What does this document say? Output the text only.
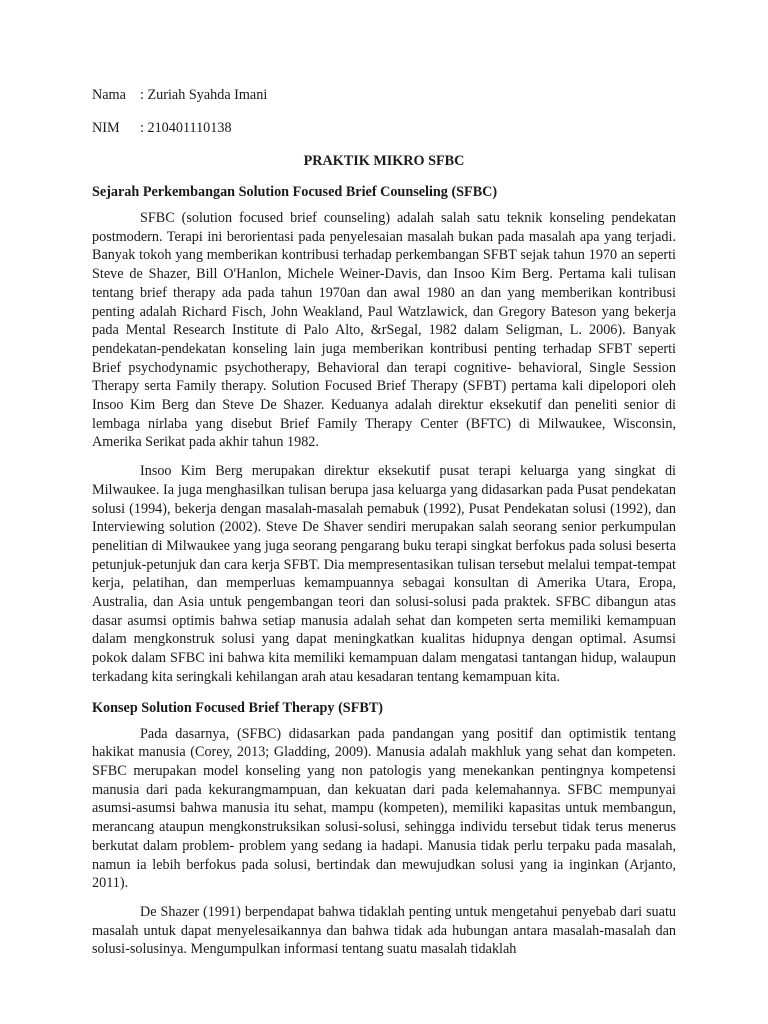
Nama : Zuriah Syahda Imani
NIM	: 210401110138
PRAKTIK MIKRO SFBC
Sejarah Perkembangan Solution Focused Brief Counseling (SFBC)

SFBC (solution focused brief counseling) adalah salah satu teknik konseling pendekatan postmodern. Terapi ini berorientasi pada penyelesaian masalah bukan pada masalah apa yang terjadi. Banyak tokoh yang memberikan kontribusi terhadap perkembangan SFBT sejak tahun 1970 an seperti Steve de Shazer, Bill O'Hanlon, Michele Weiner-Davis, dan Insoo Kim Berg. Pertama kali tulisan tentang brief therapy ada pada tahun 1970an dan awal 1980 an dan yang memberikan kontribusi penting adalah Richard Fisch, John Weakland, Paul Watzlawick, dan Gregory Bateson yang bekerja pada Mental Research Institute di Palo Alto, &rSegal, 1982 dalam Seligman, L. 2006). Banyak pendekatan-pendekatan konseling lain juga memberikan kontribusi penting terhadap SFBT seperti Brief psychodynamic psychotherapy, Behavioral dan terapi cognitive- behavioral, Single Session Therapy serta Family therapy. Solution Focused Brief Therapy (SFBT) pertama kali dipelopori oleh Insoo Kim Berg dan Steve De Shazer. Keduanya adalah direktur eksekutif dan peneliti senior di lembaga nirlaba yang disebut Brief Family Therapy Center (BFTC) di Milwaukee, Wisconsin, Amerika Serikat pada akhir tahun 1982.

Insoo Kim Berg merupakan direktur eksekutif pusat terapi keluarga yang singkat di Milwaukee. Ia juga menghasilkan tulisan berupa jasa keluarga yang didasarkan pada Pusat pendekatan solusi (1994), bekerja dengan masalah-masalah pemabuk (1992), Pusat Pendekatan solusi (1992), dan Interviewing solution (2002). Steve De Shaver sendiri merupakan salah seorang senior perkumpulan penelitian di Milwaukee yang juga seorang pengarang buku terapi singkat berfokus pada solusi beserta petunjuk-petunjuk dan cara kerja SFBT. Dia mempresentasikan tulisan tersebut melalui tempat-tempat kerja, pelatihan, dan memperluas kemampuannya sebagai konsultan di Amerika Utara, Eropa, Australia, dan Asia untuk pengembangan teori dan solusi-solusi pada praktek. SFBC dibangun atas dasar asumsi optimis bahwa setiap manusia adalah sehat dan kompeten serta memiliki kemampuan dalam mengkonstruk solusi yang dapat meningkatkan kualitas hidupnya dengan optimal. Asumsi pokok dalam SFBC ini bahwa kita memiliki kemampuan dalam mengatasi tantangan hidup, walaupun terkadang kita seringkali kehilangan arah atau kesadaran tentang kemampuan kita.

Konsep Solution Focused Brief Therapy (SFBT)

Pada dasarnya, (SFBC) didasarkan pada pandangan yang positif dan optimistik tentang hakikat manusia (Corey, 2013; Gladding, 2009). Manusia adalah makhluk yang sehat dan kompeten. SFBC merupakan model konseling yang non patologis yang menekankan pentingnya kompetensi manusia dari pada kekurangmampuan, dan kekuatan dari pada kelemahannya. SFBC mempunyai asumsi-asumsi bahwa manusia itu sehat, mampu (kompeten), memiliki kapasitas untuk membangun, merancang ataupun mengkonstruksikan solusi-solusi, sehingga individu tersebut tidak terus menerus berkutat dalam problem- problem yang sedang ia hadapi. Manusia tidak perlu terpaku pada masalah, namun ia lebih berfokus pada solusi, bertindak dan mewujudkan solusi yang ia inginkan (Arjanto, 2011).

De Shazer (1991) berpendapat bahwa tidaklah penting untuk mengetahui penyebab dari suatu masalah untuk dapat menyelesaikannya dan bahwa tidak ada hubungan antara masalah-masalah dan solusi-solusinya. Mengumpulkan informasi tentang suatu masalah tidaklah
